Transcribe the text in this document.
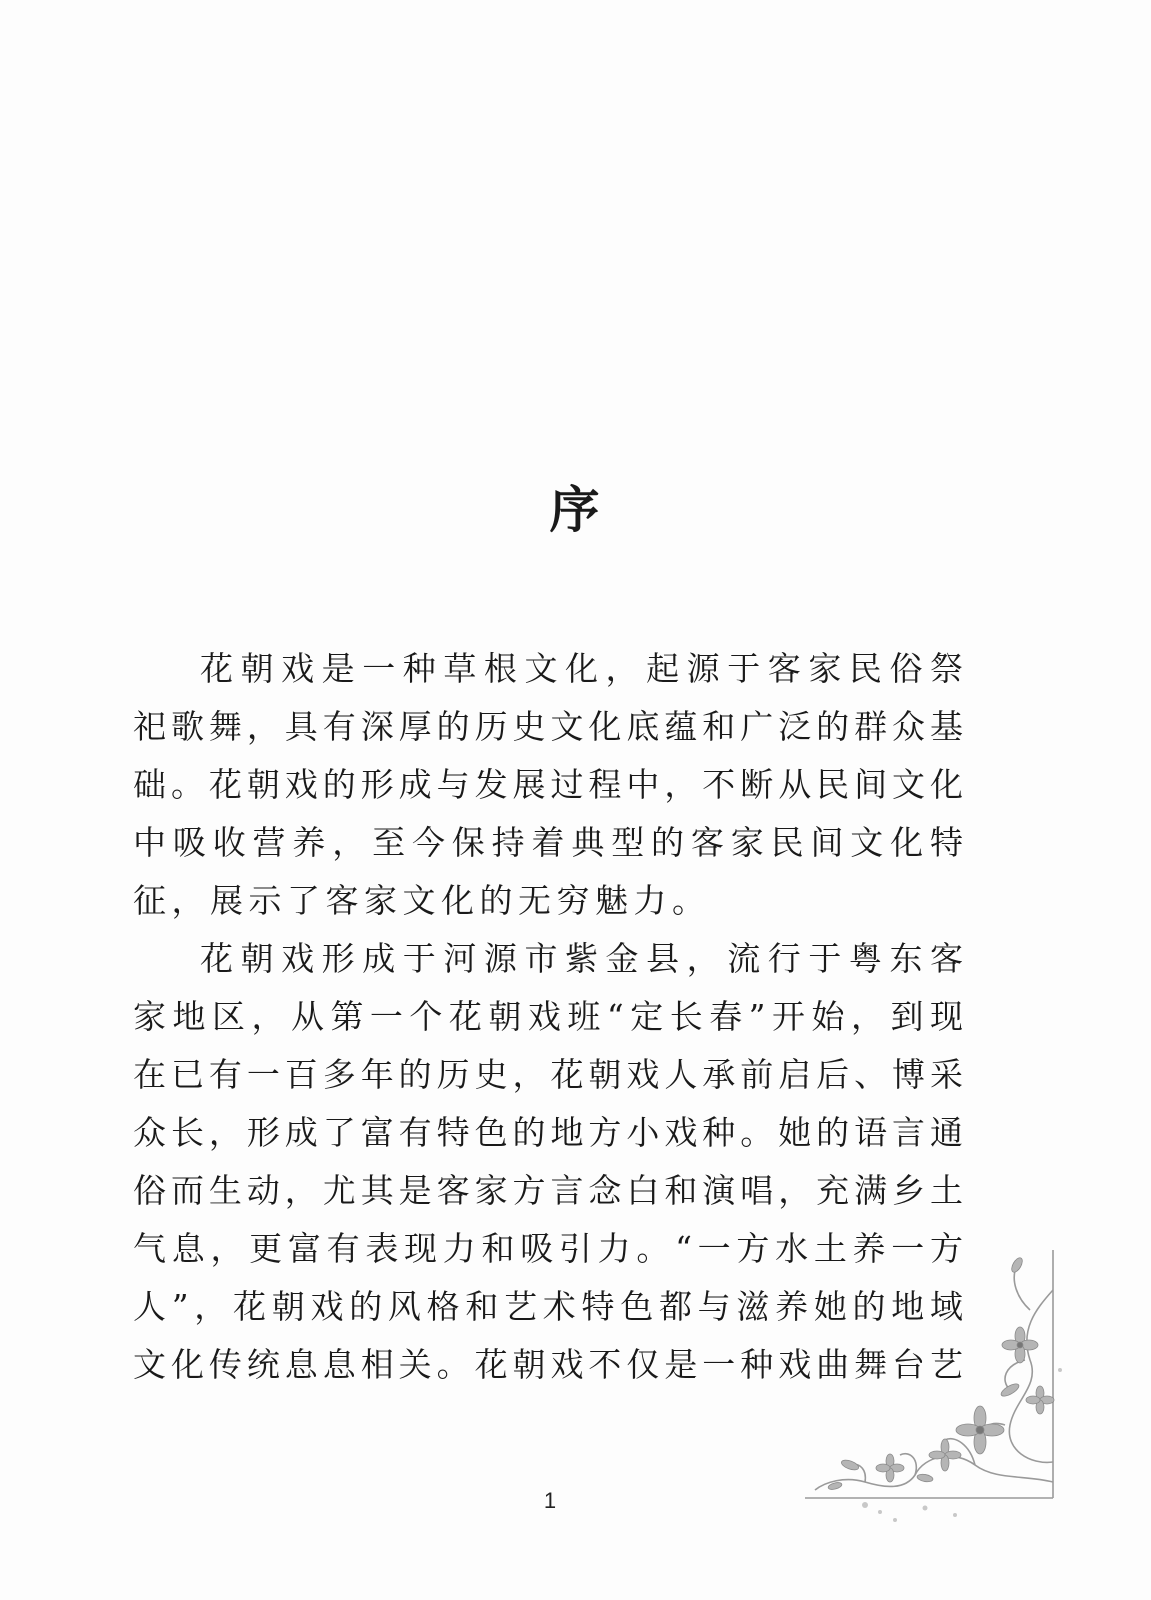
序
花朝戏是一种草根文化，起源于客家民俗祭
祀歌舞，具有深厚的历史文化底蕴和广泛的群众基
础。花朝戏的形成与发展过程中，不断从民间文化
中吸收营养，至今保持着典型的客家民间文化特
征，展示了客家文化的无穷魅力。
花朝戏形成于河源市紫金县，流行于粤东客
家地区，从第一个花朝戏班“定长春”开始，到现
在已有一百多年的历史，花朝戏人承前启后、博采
众长，形成了富有特色的地方小戏种。她的语言通
俗而生动，尤其是客家方言念白和演唱，充满乡土
气息，更富有表现力和吸引力。“一方水土养一方
人”，花朝戏的风格和艺术特色都与滋养她的地域
文化传统息息相关。花朝戏不仅是一种戏曲舞台艺
1
